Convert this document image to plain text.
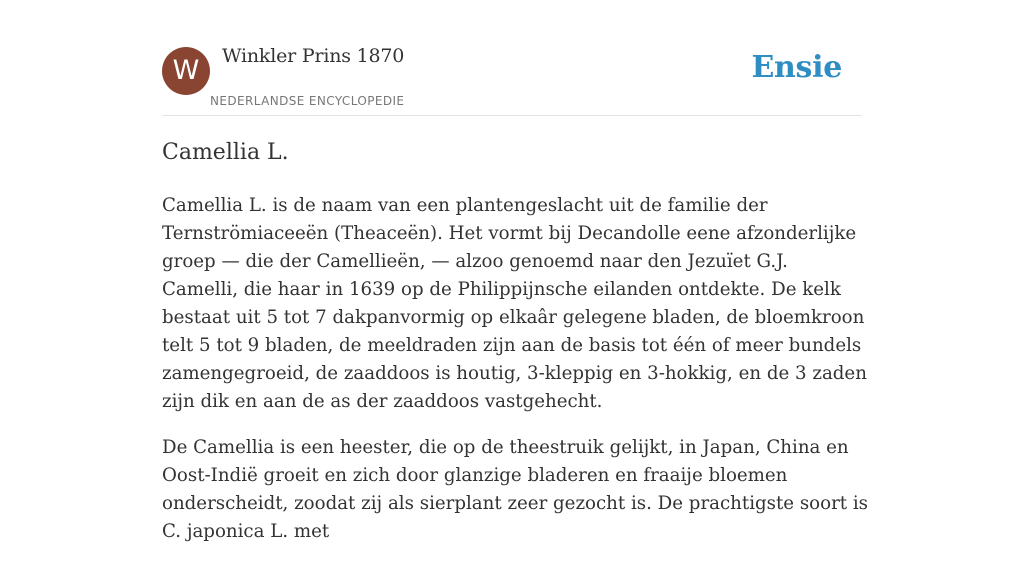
W	Winkler Prins 1870
NEDERLANDSE ENCYCLOPEDIE
Ensie
Camellia L.

Camellia L. is de naam van een plantengeslacht uit de familie der Ternströmiaceeën (Theaceën). Het vormt bij Decandolle eene afzonderlijke groep — die der Camellieën, — alzoo genoemd naar den Jezuïet G.J. Camelli, die haar in 1639 op de Philippijnsche eilanden ontdekte. De kelk bestaat uit 5 tot 7 dakpanvormig op elkaâr gelegene bladen, de bloemkroon telt 5 tot 9 bladen, de meeldraden zijn aan de basis tot één of meer bundels zamengegroeid, de zaaddoos is houtig, 3-kleppig en 3-hokkig, en de 3 zaden zijn dik en aan de as der zaaddoos vastgehecht.

De Camellia is een heester, die op de theestruik gelijkt, in Japan, China en Oost-Indië groeit en zich door glanzige bladeren en fraaije bloemen onderscheidt, zoodat zij als sierplant zeer gezocht is. De prachtigste soort is C. japonica L. met
